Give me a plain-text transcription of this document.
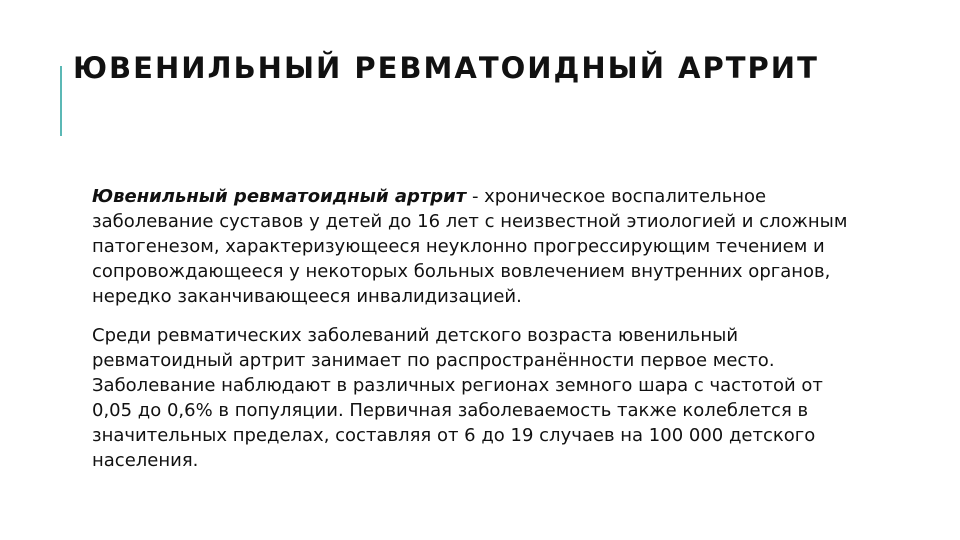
ЮВЕНИЛЬНЫЙ РЕВМАТОИДНЫЙ АРТРИТ

Ювенильный ревматоидный артрит - хроническое воспалительное заболевание суставов у детей до 16 лет с неизвестной этиологией и сложным патогенезом, характеризующееся неуклонно прогрессирующим течением и сопровождающееся у некоторых больных вовлечением внутренних органов, нередко заканчивающееся инвалидизацией.

Среди ревматических заболеваний детского возраста ювенильный ревматоидный артрит занимает по распространённости первое место. Заболевание наблюдают в различных регионах земного шара с частотой от 0,05 до 0,6% в популяции. Первичная заболеваемость также колеблется в значительных пределах, составляя от 6 до 19 случаев на 100 000 детского населения.
